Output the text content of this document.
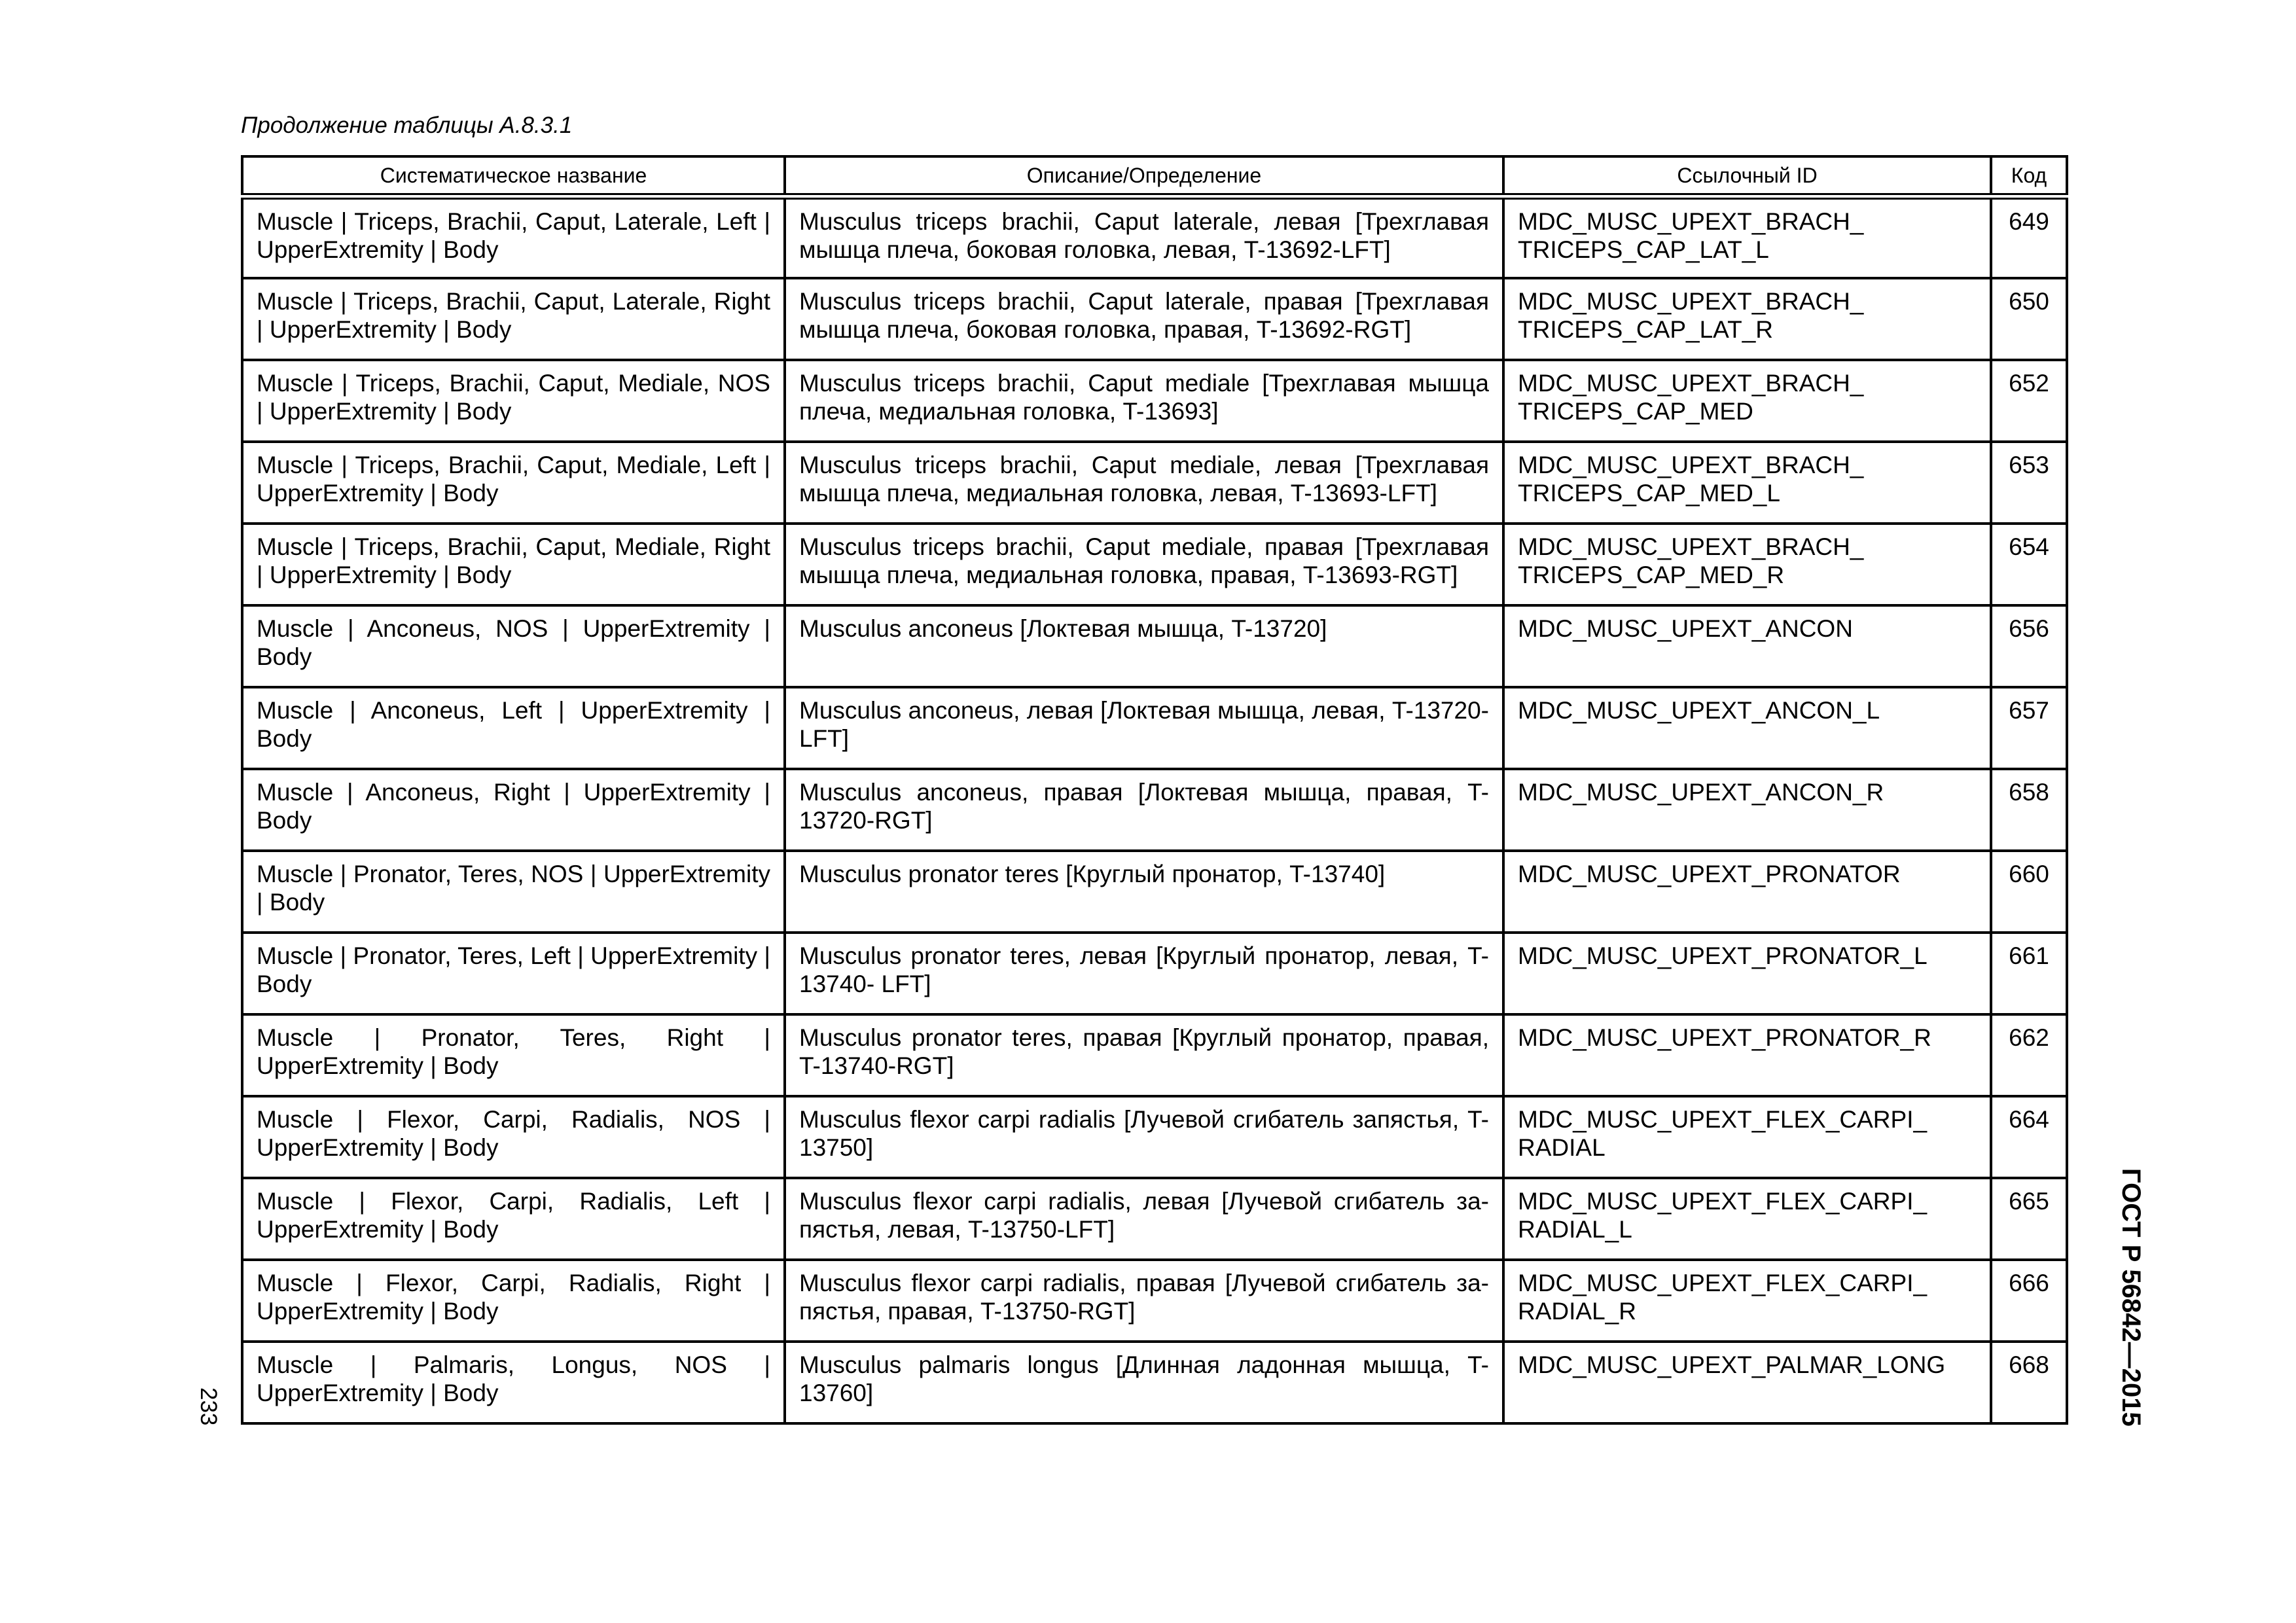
Продолжение таблицы А.8.3.1
Систематическое название	Описание/Определение	Ссылочный ID	Код
Muscle | Triceps, Brachii, Caput, Laterale, Left | UpperExtremity | Body	Musculus triceps brachii, Caput laterale, левая [Трехглавая мышца плеча, боковая головка, левая, T-13692-LFT]	MDC_MUSC_UPEXT_BRACH_ TRICEPS_CAP_LAT_L	649
Muscle | Triceps, Brachii, Caput, Laterale, Right | UpperExtremity | Body	Musculus triceps brachii, Caput laterale, правая [Трехглавая мышца плеча, боковая головка, правая, T-13692-RGT]	MDC_MUSC_UPEXT_BRACH_ TRICEPS_CAP_LAT_R	650
Muscle | Triceps, Brachii, Caput, Mediale, NOS | UpperExtremity | Body	Musculus triceps brachii, Caput mediale [Трехглавая мышца плеча, медиальная головка, T-13693]	MDC_MUSC_UPEXT_BRACH_ TRICEPS_CAP_MED	652
Muscle | Triceps, Brachii, Caput, Mediale, Left | UpperExtremity | Body	Musculus triceps brachii, Caput mediale, левая [Трехглавая мышца плеча, медиальная головка, левая, T-13693-LFT]	MDC_MUSC_UPEXT_BRACH_ TRICEPS_CAP_MED_L	653
Muscle | Triceps, Brachii, Caput, Mediale, Right | UpperExtremity | Body	Musculus triceps brachii, Caput mediale, правая [Трехглавая мышца плеча, медиальная головка, правая, T-13693-RGT]	MDC_MUSC_UPEXT_BRACH_ TRICEPS_CAP_MED_R	654
Muscle | Anconeus, NOS | UpperExtremity | Body	Musculus anconeus [Локтевая мышца, T-13720]	MDC_MUSC_UPEXT_ANCON	656
Muscle | Anconeus, Left | UpperExtremity | Body	Musculus anconeus, левая [Локтевая мышца, левая, T-13720-LFT]	MDC_MUSC_UPEXT_ANCON_L	657
Muscle | Anconeus, Right | UpperExtremity | Body	Musculus anconeus, правая [Локтевая мышца, правая, T-13720-RGT]	MDC_MUSC_UPEXT_ANCON_R	658
Muscle | Pronator, Teres, NOS | UpperExtremity | Body	Musculus pronator teres [Круглый пронатор, T-13740]	MDC_MUSC_UPEXT_PRONATOR	660
Muscle | Pronator, Teres, Left | UpperExtremity | Body	Musculus pronator teres, левая [Круглый пронатор, левая, T-13740- LFT]	MDC_MUSC_UPEXT_PRONATOR_L	661
Muscle | Pronator, Teres, Right | UpperExtremity | Body	Musculus pronator teres, правая [Круглый пронатор, правая, T-13740-RGT]	MDC_MUSC_UPEXT_PRONATOR_R	662
Muscle | Flexor, Carpi, Radialis, NOS | UpperExtremity | Body	Musculus flexor carpi radialis [Лучевой сгибатель запястья, T-13750]	MDC_MUSC_UPEXT_FLEX_CARPI_ RADIAL	664
Muscle | Flexor, Carpi, Radialis, Left | UpperExtremity | Body	Musculus flexor carpi radialis, левая [Лучевой сгибатель за-пястья, левая, T-13750-LFT]	MDC_MUSC_UPEXT_FLEX_CARPI_ RADIAL_L	665
Muscle | Flexor, Carpi, Radialis, Right | UpperExtremity | Body	Musculus flexor carpi radialis, правая [Лучевой сгибатель за-пястья, правая, T-13750-RGT]	MDC_MUSC_UPEXT_FLEX_CARPI_ RADIAL_R	666
Muscle | Palmaris, Longus, NOS | UpperExtremity | Body	Musculus palmaris longus [Длинная ладонная мышца, T-13760]	MDC_MUSC_UPEXT_PALMAR_LONG	668	ГОСТ Р 56842—2015
233
